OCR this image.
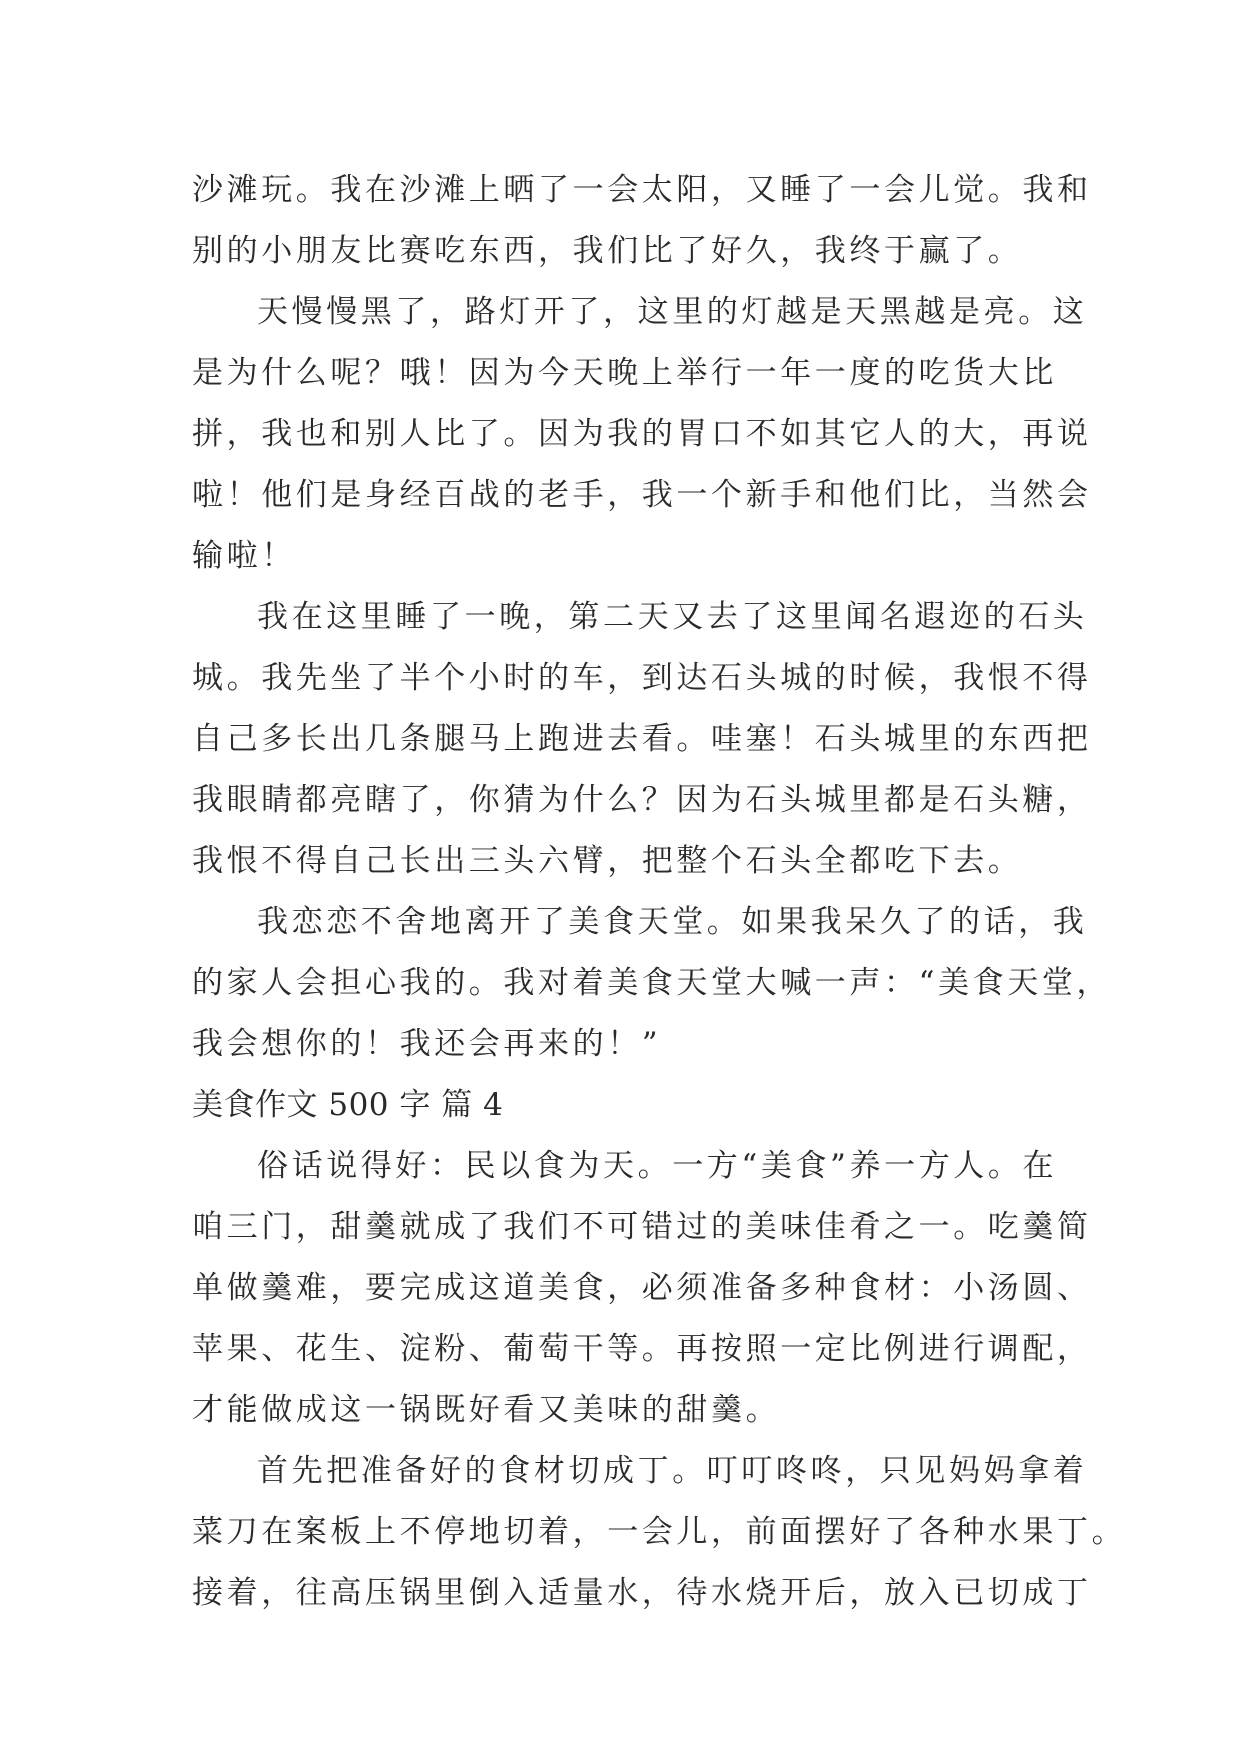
沙滩玩。我在沙滩上晒了一会太阳，又睡了一会儿觉。我和
别的小朋友比赛吃东西，我们比了好久，我终于赢了。
天慢慢黑了，路灯开了，这里的灯越是天黑越是亮。这
是为什么呢？哦！因为今天晚上举行一年一度的吃货大比
拼，我也和别人比了。因为我的胃口不如其它人的大，再说
啦！他们是身经百战的老手，我一个新手和他们比，当然会
输啦！
我在这里睡了一晚，第二天又去了这里闻名遐迩的石头
城。我先坐了半个小时的车，到达石头城的时候，我恨不得
自己多长出几条腿马上跑进去看。哇塞！石头城里的东西把
我眼睛都亮瞎了，你猜为什么？因为石头城里都是石头糖，
我恨不得自己长出三头六臂，把整个石头全都吃下去。
我恋恋不舍地离开了美食天堂。如果我呆久了的话，我
的家人会担心我的。我对着美食天堂大喊一声：“美食天堂，
我会想你的！我还会再来的！”
美食作文 500 字 篇 4
俗话说得好：民以食为天。一方“美食”养一方人。在
咱三门，甜羹就成了我们不可错过的美味佳肴之一。吃羹简
单做羹难，要完成这道美食，必须准备多种食材：小汤圆、
苹果、花生、淀粉、葡萄干等。再按照一定比例进行调配，
才能做成这一锅既好看又美味的甜羹。
首先把准备好的食材切成丁。叮叮咚咚，只见妈妈拿着
菜刀在案板上不停地切着，一会儿，前面摆好了各种水果丁。
接着，往高压锅里倒入适量水，待水烧开后，放入已切成丁
